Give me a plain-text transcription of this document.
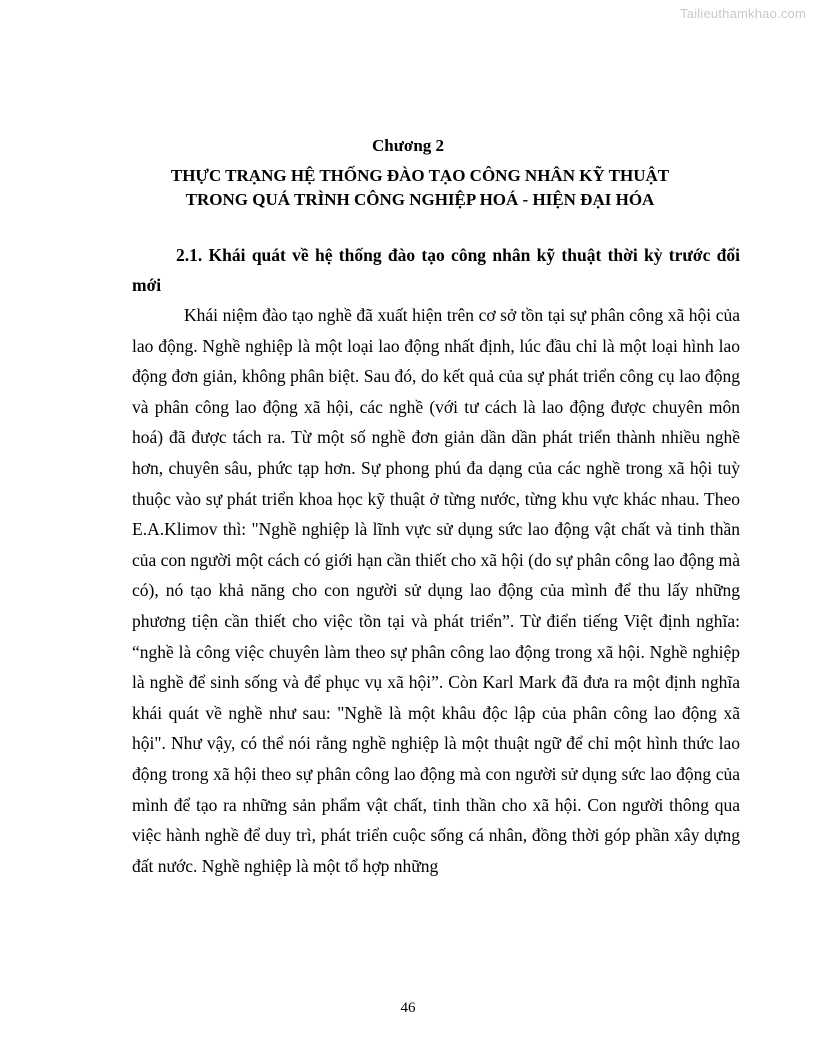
Tailieuthamkhao.com
Chương 2
THỰC TRẠNG HỆ THỐNG ĐÀO TẠO CÔNG NHÂN KỸ THUẬT
TRONG QUÁ TRÌNH CÔNG NGHIỆP HOÁ - HIỆN ĐẠI HÓA
2.1. Khái quát về hệ thống đào tạo công nhân kỹ thuật thời kỳ trước đổi mới

Khái niệm đào tạo nghề đã xuất hiện trên cơ sở tồn tại sự phân công xã hội của lao động. Nghề nghiệp là một loại lao động nhất định, lúc đầu chỉ là một loại hình lao động đơn giản, không phân biệt. Sau đó, do kết quả của sự phát triển công cụ lao động và phân công lao động xã hội, các nghề (với tư cách là lao động được chuyên môn hoá) đã được tách ra. Từ một số nghề đơn giản dần dần phát triển thành nhiều nghề hơn, chuyên sâu, phức tạp hơn. Sự phong phú đa dạng của các nghề trong xã hội tuỳ thuộc vào sự phát triển khoa học kỹ thuật ở từng nước, từng khu vực khác nhau. Theo E.A.Klimov thì: "Nghề nghiệp là lĩnh vực sử dụng sức lao động vật chất và tinh thần của con người một cách có giới hạn cần thiết cho xã hội (do sự phân công lao động mà có), nó tạo khả năng cho con người sử dụng lao động của mình để thu lấy những phương tiện cần thiết cho việc tồn tại và phát triển”. Từ điển tiếng Việt định nghĩa: “nghề là công việc chuyên làm theo sự phân công lao động trong xã hội. Nghề nghiệp là nghề để sinh sống và để phục vụ xã hội”. Còn Karl Mark đã đưa ra một định nghĩa khái quát về nghề như sau: "Nghề là một khâu độc lập của phân công lao động xã hội". Như vậy, có thể nói rằng nghề nghiệp là một thuật ngữ để chỉ một hình thức lao động trong xã hội theo sự phân công lao động mà con người sử dụng sức lao động của mình để tạo ra những sản phẩm vật chất, tinh thần cho xã hội. Con người thông qua việc hành nghề để duy trì, phát triển cuộc sống cá nhân, đồng thời góp phần xây dựng đất nước. Nghề nghiệp là một tổ hợp những

46
